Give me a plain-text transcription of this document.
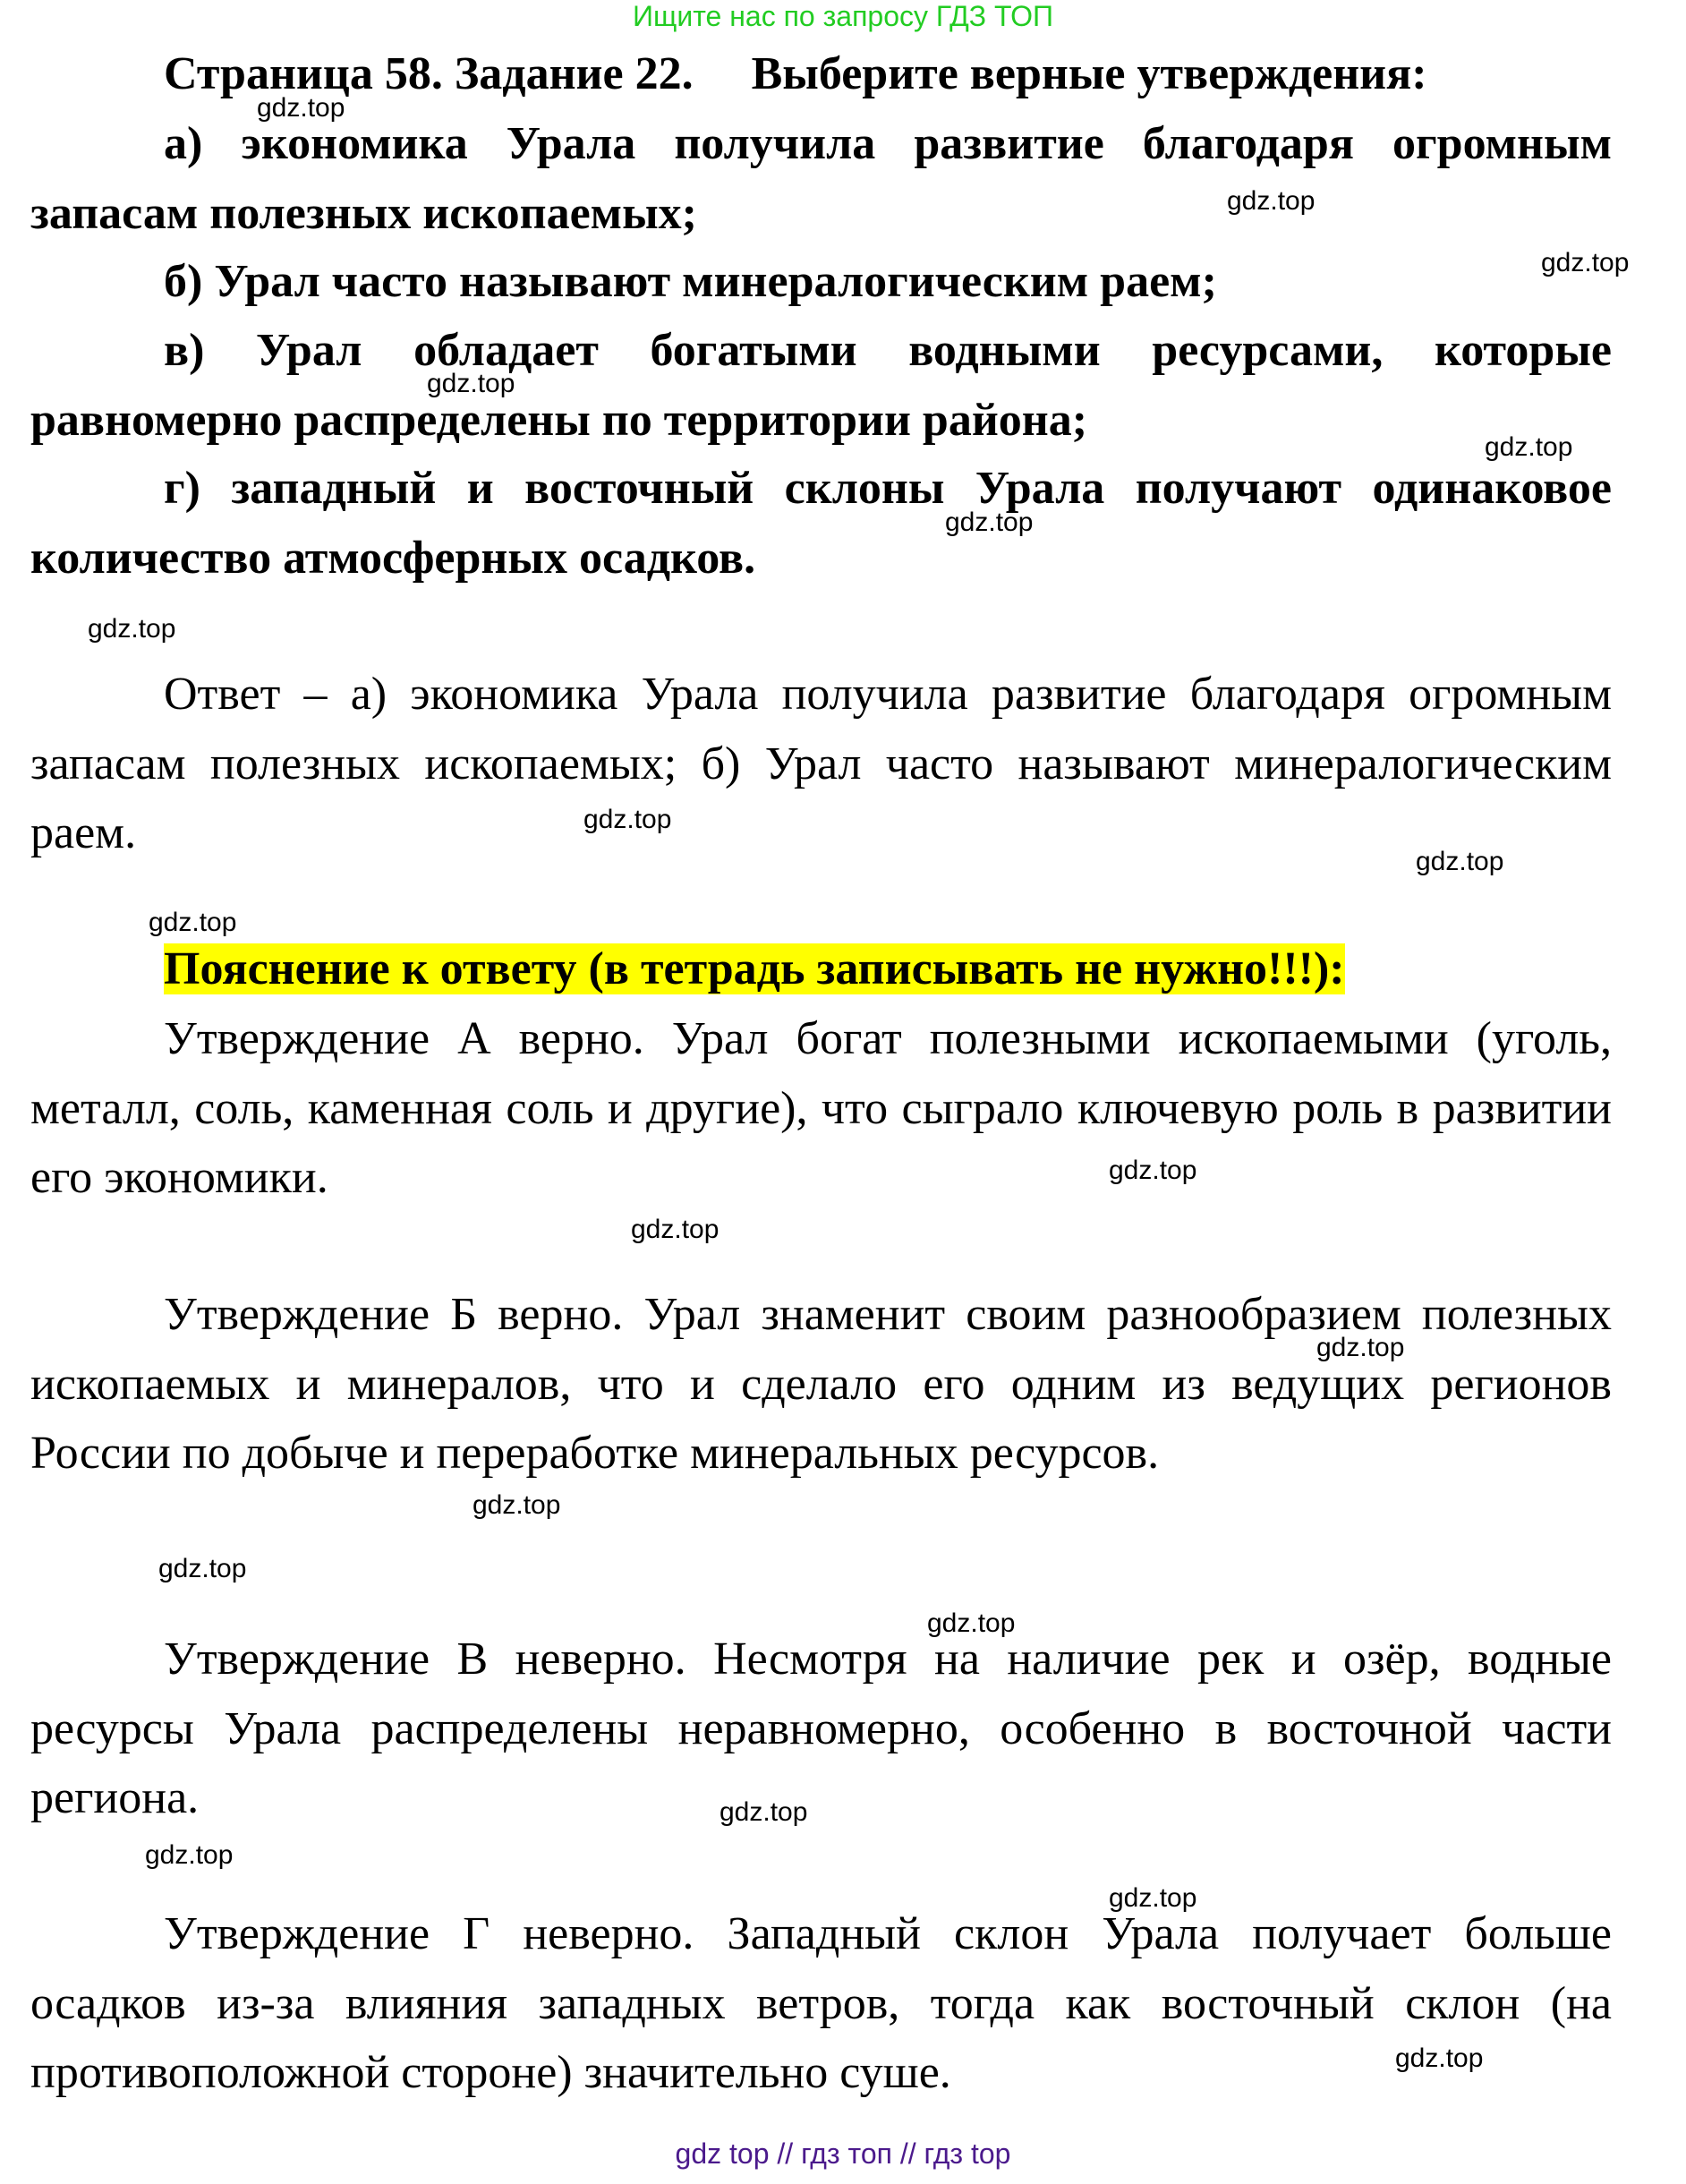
Ищите нас по запросу ГДЗ ТОП
Страница 58. Задание 22.     Выберите верные утверждения:
а) экономика Урала получила развитие благодаря огромным запасам полезных ископаемых;
б) Урал часто называют минералогическим раем;
в) Урал обладает богатыми водными ресурсами, которые равномерно распределены по территории района;
г) западный и восточный склоны Урала получают одинаковое количество атмосферных осадков.
Ответ – а) экономика Урала получила развитие благодаря огромным запасам полезных ископаемых; б) Урал часто называют минералогическим раем.
Пояснение к ответу (в тетрадь записывать не нужно!!!):
Утверждение А верно. Урал богат полезными ископаемыми (уголь, металл, соль, каменная соль и другие), что сыграло ключевую роль в развитии его экономики.
Утверждение Б верно. Урал знаменит своим разнообразием полезных ископаемых и минералов, что и сделало его одним из ведущих регионов России по добыче и переработке минеральных ресурсов.
Утверждение В неверно. Несмотря на наличие рек и озёр, водные ресурсы Урала распределены неравномерно, особенно в восточной части региона.
Утверждение Г неверно. Западный склон Урала получает больше осадков из-за влияния западных ветров, тогда как восточный склон (на противоположной стороне) значительно суше.
gdz.top
gdz.top
gdz.top
gdz.top
gdz.top
gdz.top
gdz.top
gdz.top
gdz.top
gdz.top
gdz.top
gdz.top
gdz.top
gdz.top
gdz.top
gdz.top
gdz.top
gdz.top
gdz.top
gdz.top
gdz top // гдз топ // гдз top
